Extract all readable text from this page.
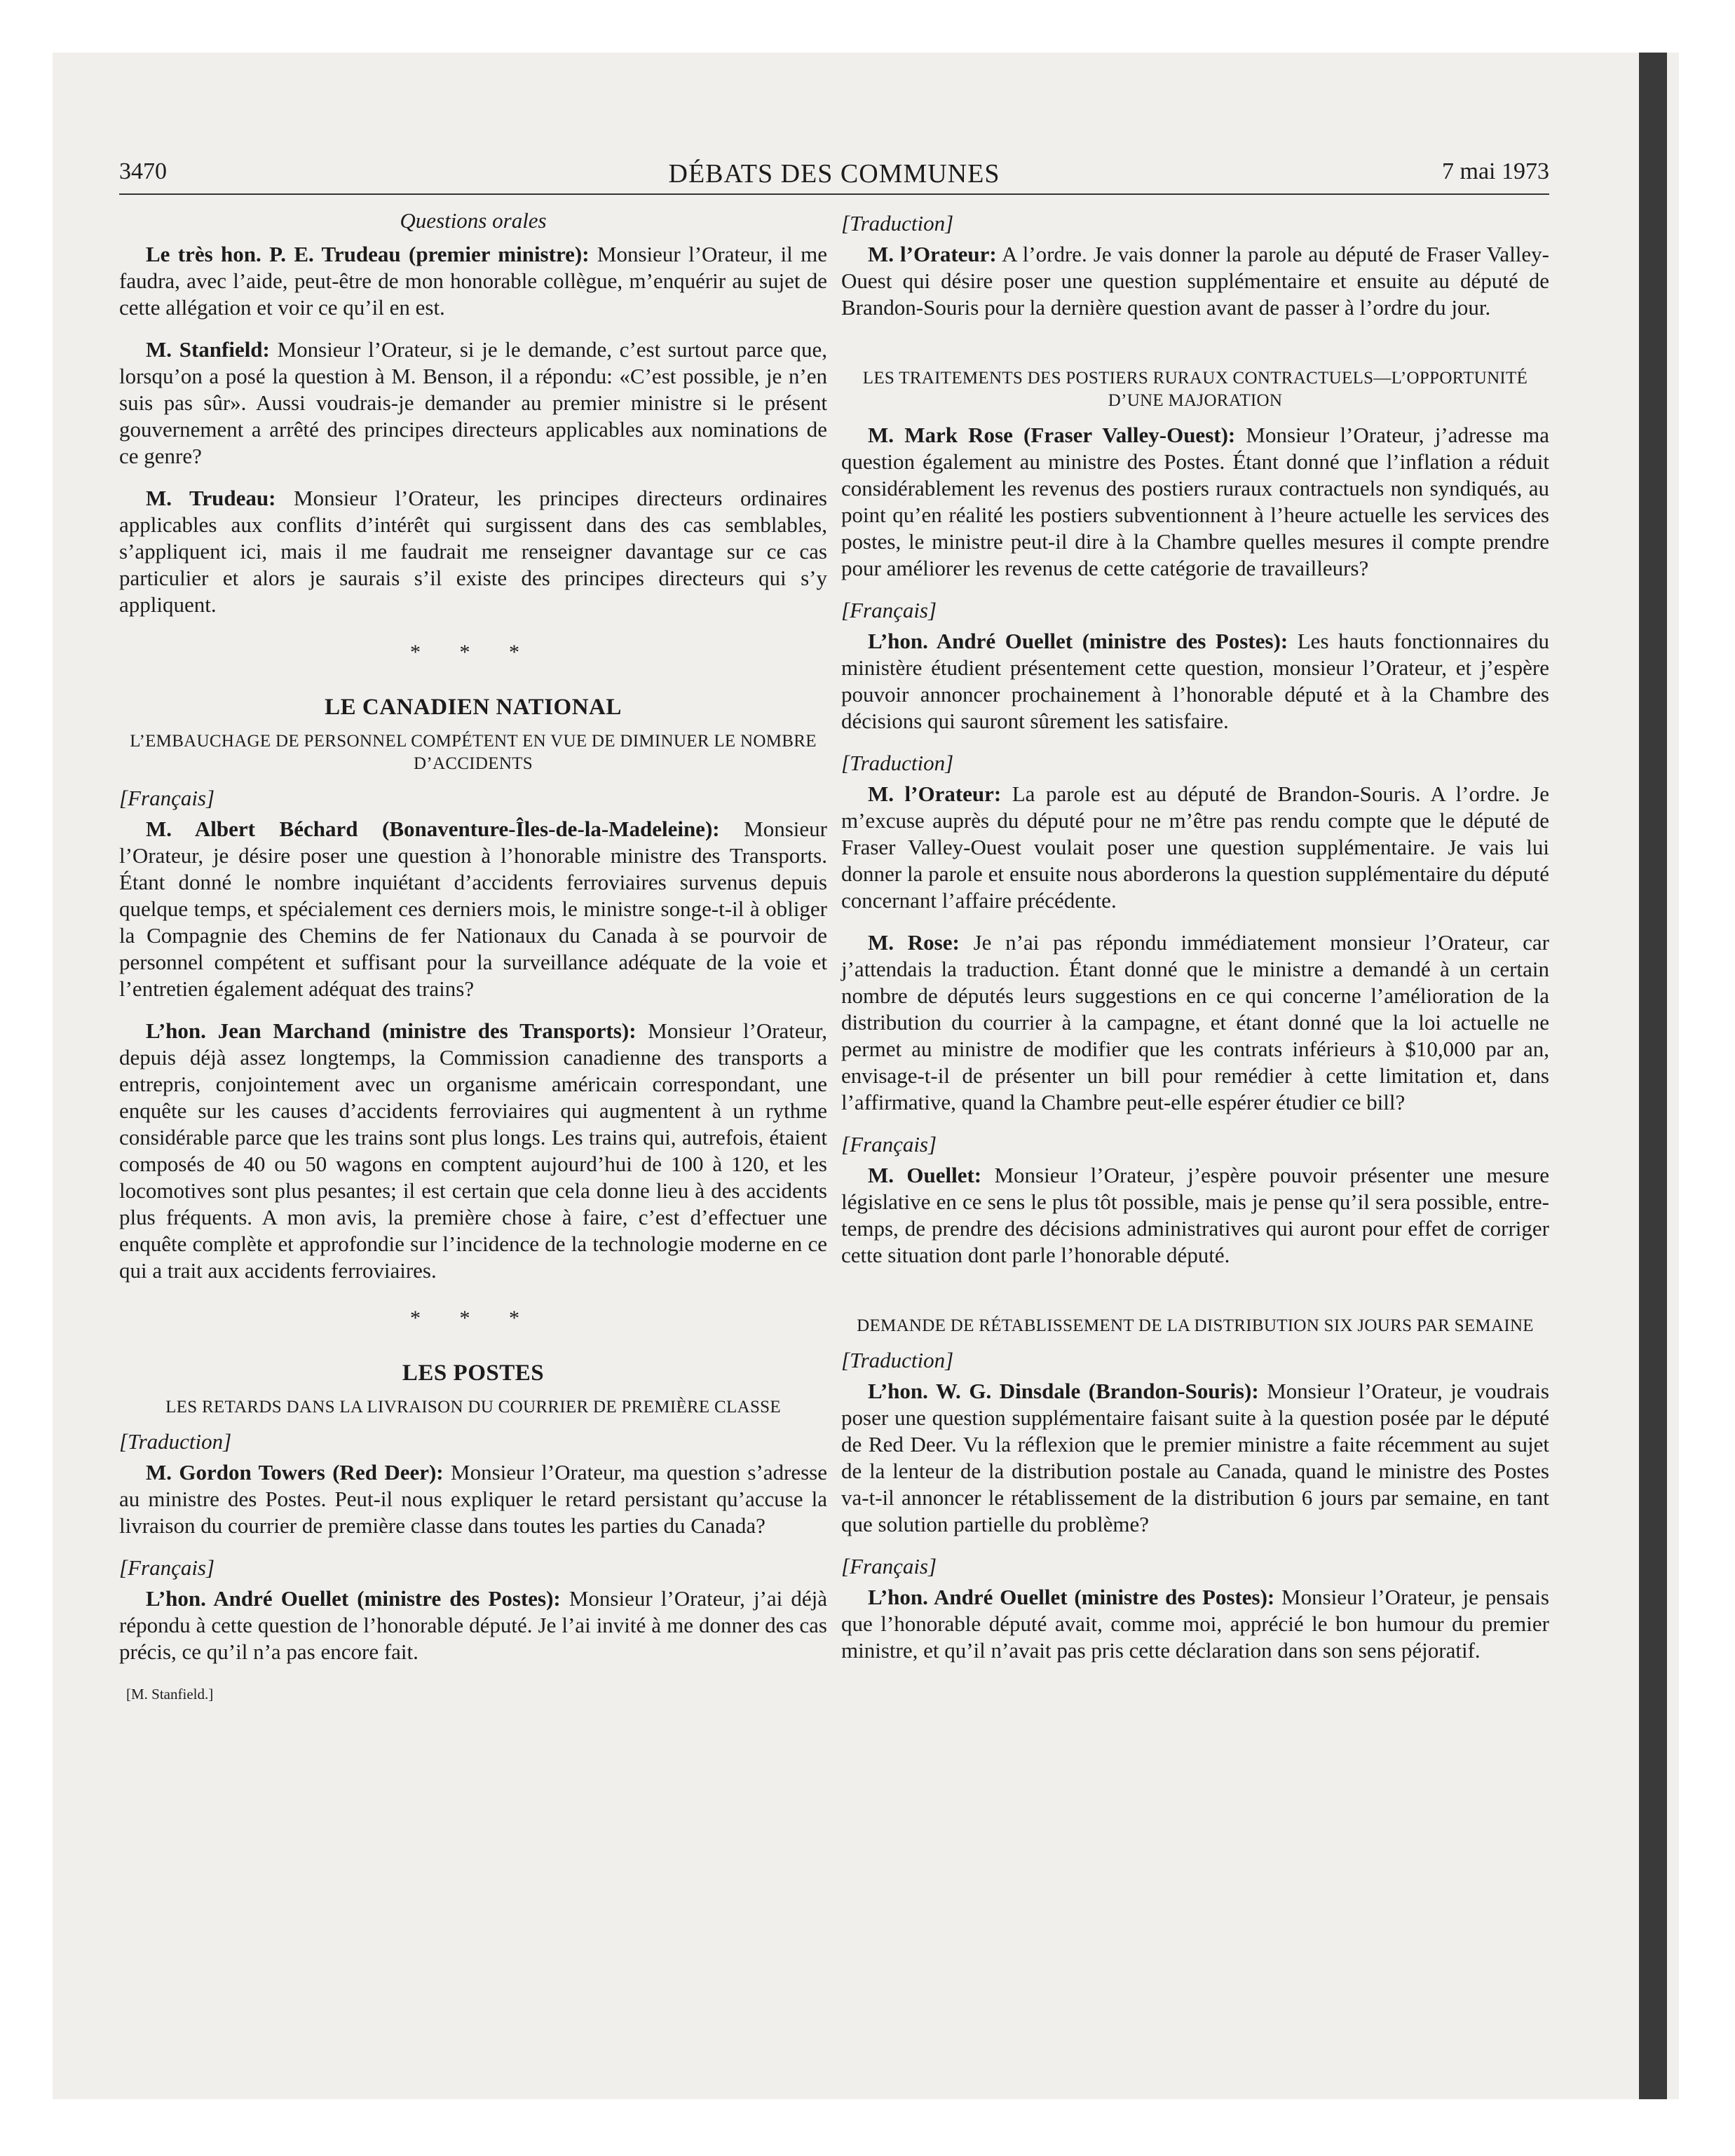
3470	DÉBATS DES COMMUNES	7 mai 1973
Questions orales

Le très hon. P. E. Trudeau (premier ministre): Monsieur l’Orateur, il me faudra, avec l’aide, peut-être de mon honorable collègue, m’enquérir au sujet de cette allégation et voir ce qu’il en est.

M. Stanfield: Monsieur l’Orateur, si je le demande, c’est surtout parce que, lorsqu’on a posé la question à M. Benson, il a répondu: «C’est possible, je n’en suis pas sûr». Aussi voudrais-je demander au premier ministre si le présent gouvernement a arrêté des principes directeurs applicables aux nominations de ce genre?

M. Trudeau: Monsieur l’Orateur, les principes directeurs ordinaires applicables aux conflits d’intérêt qui surgissent dans des cas semblables, s’appliquent ici, mais il me faudrait me renseigner davantage sur ce cas particulier et alors je saurais s’il existe des principes directeurs qui s’y appliquent.

* * *
LE CANADIEN NATIONAL
L’EMBAUCHAGE DE PERSONNEL COMPÉTENT EN VUE DE DIMINUER LE NOMBRE D’ACCIDENTS
[Français]

M. Albert Béchard (Bonaventure-Îles-de-la-Madeleine): Monsieur l’Orateur, je désire poser une question à l’honorable ministre des Transports. Étant donné le nombre inquiétant d’accidents ferroviaires survenus depuis quelque temps, et spécialement ces derniers mois, le ministre songe-t-il à obliger la Compagnie des Chemins de fer Nationaux du Canada à se pourvoir de personnel compétent et suffisant pour la surveillance adéquate de la voie et l’entretien également adéquat des trains?

L’hon. Jean Marchand (ministre des Transports): Monsieur l’Orateur, depuis déjà assez longtemps, la Commission canadienne des transports a entrepris, conjointement avec un organisme américain correspondant, une enquête sur les causes d’accidents ferroviaires qui augmentent à un rythme considérable parce que les trains sont plus longs. Les trains qui, autrefois, étaient composés de 40 ou 50 wagons en comptent aujourd’hui de 100 à 120, et les locomotives sont plus pesantes; il est certain que cela donne lieu à des accidents plus fréquents. A mon avis, la première chose à faire, c’est d’effectuer une enquête complète et approfondie sur l’incidence de la technologie moderne en ce qui a trait aux accidents ferroviaires.

* * *
LES POSTES
LES RETARDS DANS LA LIVRAISON DU COURRIER DE PREMIÈRE CLASSE
[Traduction]

M. Gordon Towers (Red Deer): Monsieur l’Orateur, ma question s’adresse au ministre des Postes. Peut-il nous expliquer le retard persistant qu’accuse la livraison du courrier de première classe dans toutes les parties du Canada?

[Français]

L’hon. André Ouellet (ministre des Postes): Monsieur l’Orateur, j’ai déjà répondu à cette question de l’honorable député. Je l’ai invité à me donner des cas précis, ce qu’il n’a pas encore fait.

[M. Stanfield.]
[Traduction]

M. l’Orateur: A l’ordre. Je vais donner la parole au député de Fraser Valley-Ouest qui désire poser une question supplémentaire et ensuite au député de Brandon-Souris pour la dernière question avant de passer à l’ordre du jour.

LES TRAITEMENTS DES POSTIERS RURAUX CONTRACTUELS—L’OPPORTUNITÉ D’UNE MAJORATION

M. Mark Rose (Fraser Valley-Ouest): Monsieur l’Orateur, j’adresse ma question également au ministre des Postes. Étant donné que l’inflation a réduit considérablement les revenus des postiers ruraux contractuels non syndiqués, au point qu’en réalité les postiers subventionnent à l’heure actuelle les services des postes, le ministre peut-il dire à la Chambre quelles mesures il compte prendre pour améliorer les revenus de cette catégorie de travailleurs?

[Français]

L’hon. André Ouellet (ministre des Postes): Les hauts fonctionnaires du ministère étudient présentement cette question, monsieur l’Orateur, et j’espère pouvoir annoncer prochainement à l’honorable député et à la Chambre des décisions qui sauront sûrement les satisfaire.

[Traduction]

M. l’Orateur: La parole est au député de Brandon-Souris. A l’ordre. Je m’excuse auprès du député pour ne m’être pas rendu compte que le député de Fraser Valley-Ouest voulait poser une question supplémentaire. Je vais lui donner la parole et ensuite nous aborderons la question supplémentaire du député concernant l’affaire précédente.

M. Rose: Je n’ai pas répondu immédiatement monsieur l’Orateur, car j’attendais la traduction. Étant donné que le ministre a demandé à un certain nombre de députés leurs suggestions en ce qui concerne l’amélioration de la distribution du courrier à la campagne, et étant donné que la loi actuelle ne permet au ministre de modifier que les contrats inférieurs à $10,000 par an, envisage-t-il de présenter un bill pour remédier à cette limitation et, dans l’affirmative, quand la Chambre peut-elle espérer étudier ce bill?

[Français]

M. Ouellet: Monsieur l’Orateur, j’espère pouvoir présenter une mesure législative en ce sens le plus tôt possible, mais je pense qu’il sera possible, entre-temps, de prendre des décisions administratives qui auront pour effet de corriger cette situation dont parle l’honorable député.

DEMANDE DE RÉTABLISSEMENT DE LA DISTRIBUTION SIX JOURS PAR SEMAINE
[Traduction]

L’hon. W. G. Dinsdale (Brandon-Souris): Monsieur l’Orateur, je voudrais poser une question supplémentaire faisant suite à la question posée par le député de Red Deer. Vu la réflexion que le premier ministre a faite récemment au sujet de la lenteur de la distribution postale au Canada, quand le ministre des Postes va-t-il annoncer le rétablissement de la distribution 6 jours par semaine, en tant que solution partielle du problème?

[Français]

L’hon. André Ouellet (ministre des Postes): Monsieur l’Orateur, je pensais que l’honorable député avait, comme moi, apprécié le bon humour du premier ministre, et qu’il n’avait pas pris cette déclaration dans son sens péjoratif.
